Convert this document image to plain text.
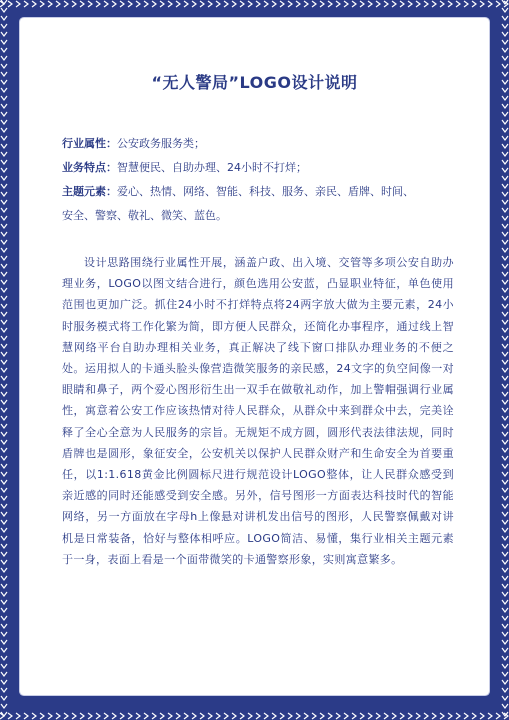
“无人警局”LOGO设计说明
行业属性：公安政务服务类；
业务特点：智慧便民、自助办理、24小时不打烊；
主题元素：爱心、热情、网络、智能、科技、服务、亲民、盾牌、时间、
安全、警察、敬礼、微笑、蓝色。
设计思路围绕行业属性开展，涵盖户政、出入境、交管等多项公安自助办理业务，LOGO以图文结合进行，颜色选用公安蓝，凸显职业特征，单色使用范围也更加广泛。抓住24小时不打烊特点将24两字放大做为主要元素，24小时服务模式将工作化繁为简，即方便人民群众，还简化办事程序，通过线上智慧网络平台自助办理相关业务，真正解决了线下窗口排队办理业务的不便之处。运用拟人的卡通头脸头像营造微笑服务的亲民感，24文字的负空间像一对眼睛和鼻子，两个爱心图形衍生出一双手在做敬礼动作，加上警帽强调行业属性，寓意着公安工作应该热情对待人民群众，从群众中来到群众中去，完美诠释了全心全意为人民服务的宗旨。无规矩不成方圆，圆形代表法律法规，同时盾牌也是圆形，象征安全，公安机关以保护人民群众财产和生命安全为首要重任，以1:1.618黄金比例圆标尺进行规范设计LOGO整体，让人民群众感受到亲近感的同时还能感受到安全感。另外，信号图形一方面表达科技时代的智能网络，另一方面放在字母h上像悬对讲机发出信号的图形，人民警察佩戴对讲机是日常装备，恰好与整体相呼应。LOGO简洁、易懂，集行业相关主题元素于一身，表面上看是一个面带微笑的卡通警察形象，实则寓意繁多。
